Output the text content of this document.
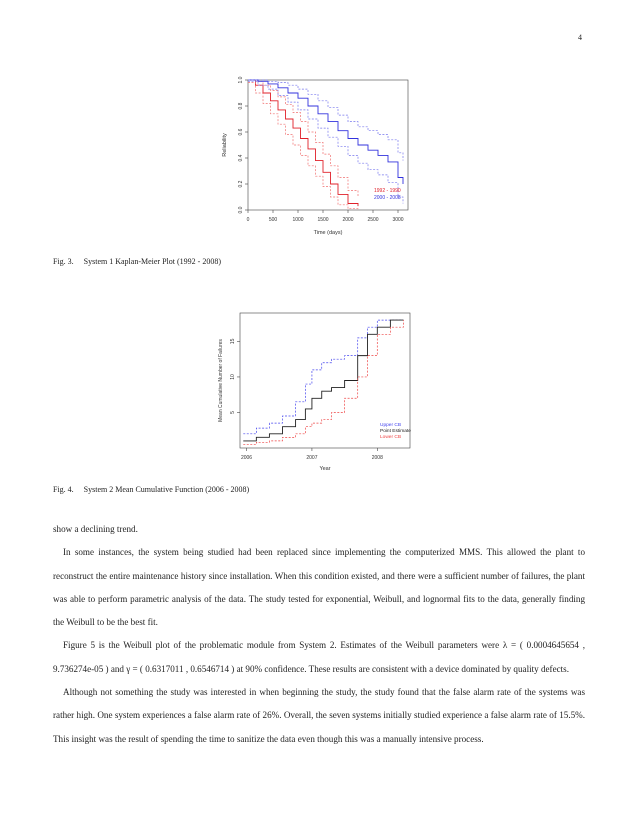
4
0	500	1000	1500	2000	2500	3000
0.0
0.2
0.4
0.6
0.8
1.0
Time (days)
Reliability
1992 - 1990
2000 - 2008
Fig. 3. System 1 Kaplan-Meier Plot (1992 - 2008)
2006	2007	2008
5
10
15
Year
Mean Cumulative Number of Failures
Upper CB
Point Estimate
Lower CB
Fig. 4. System 2 Mean Cumulative Function (2006 - 2008)

show a declining trend.

In some instances, the system being studied had been replaced since implementing the computerized MMS. This allowed the plant to reconstruct the entire maintenance history since installation. When this condition existed, and there were a sufficient number of failures, the plant was able to perform parametric analysis of the data. The study tested for exponential, Weibull, and lognormal fits to the data, generally finding the Weibull to be the best fit.

Figure 5 is the Weibull plot of the problematic module from System 2. Estimates of the Weibull parameters were λ = ( 0.0004645654 , 9.736274e-05 ) and γ = ( 0.6317011 , 0.6546714 ) at 90% confidence. These results are consistent with a device dominated by quality defects.

Although not something the study was interested in when beginning the study, the study found that the false alarm rate of the systems was rather high. One system experiences a false alarm rate of 26%. Overall, the seven systems initially studied experience a false alarm rate of 15.5%. This insight was the result of spending the time to sanitize the data even though this was a manually intensive process.
